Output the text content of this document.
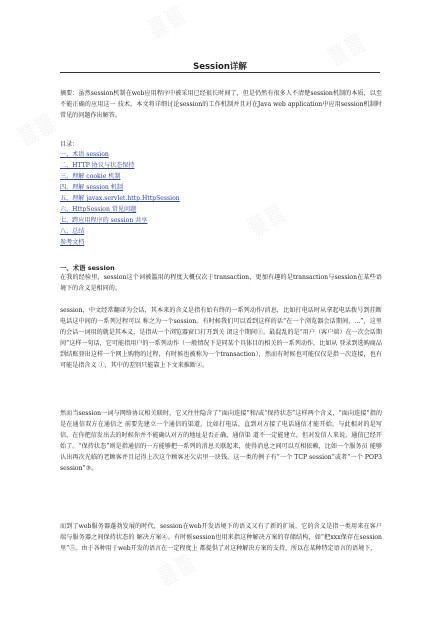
▒ ▒
▒ ▒
▒ ▒
▒ ▒
▒ ▒
▒ ▒
▒ ▒
Session详解
摘要：虽然session机制在web应用程序中被采用已经很长时间了，但是仍然有很多人不清楚session机制的本质，以至不能正确的应用这一 技术。本文将详细讨论session的工作机制并且对在Java web application中应用session机制时常见的问题作出解答。
目录：
一、术语 session
二、HTTP 协议与状态保持
三、理解 cookie 机制
四、理解 session 机制
五、理解 javax.servlet.http.HttpSession
六、HttpSession 常见问题
七、跨应用程序的 session 共享
八、总结
参考文档
一、术语 session
在我的经验里，session这个词被滥用的程度大概仅次于transaction，更加有趣的是transaction与session在某些语境下的含义是相同的。
session，中文经常翻译为会话，其本来的含义是指有始有终的一系列动作/消息，比如打电话时从拿起电话拨号到挂断电话这中间的一系列过程可以 称之为一个session。有时候我们可以看到这样的话“在一个浏览器会话期间，...”，这里的会话一词用的就是其本义，是指从一个浏览器窗口打开到关 闭这个期间①。最混乱的是“用户（客户端）在一次会话期间”这样一句话，它可能指用户的一系列动作（一般情况下是同某个具体目的相关的一系列动作，比如从 登录到选购商品到结账登出这样一个网上购物的过程，有时候也被称为一个transaction），然而有时候也可能仅仅是指一次连接，也有可能是指含义 ①，其中的差别只能靠上下文来推断②。
然而当session一词与网络协议相关联时，它又往往隐含了“面向连接”和/或“保持状态”这样两个含义，“面向连接”指的是在通信双方在通信之 前要先建立一个通信的渠道，比如打电话，直到对方接了电话通信才能开始，与此相对的是写信，在你把信发出去的时候你并不能确认对方的地址是否正确，通信渠 道不一定能建立，但对发信人来说，通信已经开始了。“保持状态”则是指通信的一方能够把一系列的消息关联起来，使得消息之间可以互相依赖，比如一个服务员 能够认出再次光临的老顾客并且记得上次这个顾客还欠店里一块钱。这一类的例子有“一个 TCP session”或者“一个 POP3 session”③。
而到了web服务器蓬勃发展的时代，session在web开发语境下的语义又有了新的扩展，它的含义是指一类用来在客户端与服务器之间保持状态的 解决方案④。有时候session也用来指这种解决方案的存储结构，如“把xxx保存在session里”⑤。由于各种用于web开发的语言在一定程度上 都提供了对这种解决方案的支持，所以在某种特定语言的语境下，
